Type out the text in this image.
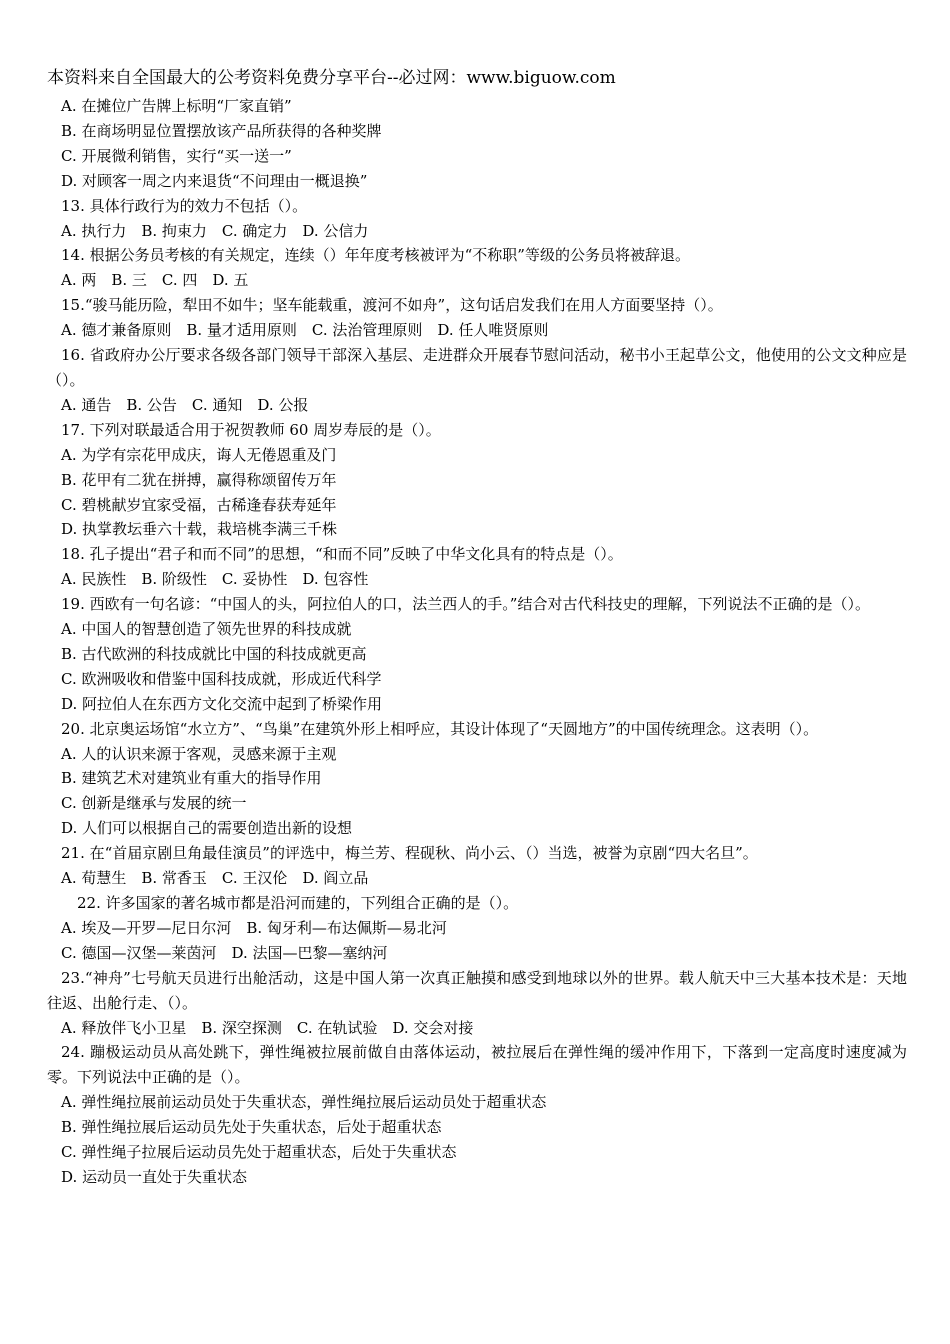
本资料来自全国最大的公考资料免费分享平台--必过网：www.biguow.com
A. 在摊位广告牌上标明“厂家直销”
B. 在商场明显位置摆放该产品所获得的各种奖牌
C. 开展微利销售，实行“买一送一”
D. 对顾客一周之内来退货“不问理由一概退换”
13. 具体行政行为的效力不包括（）。
A. 执行力　B. 拘束力　C. 确定力　D. 公信力
14. 根据公务员考核的有关规定，连续（）年年度考核被评为“不称职”等级的公务员将被辞退。
A. 两　B. 三　C. 四　D. 五
15.“骏马能历险，犁田不如牛；坚车能载重，渡河不如舟”，这句话启发我们在用人方面要坚持（）。
A. 德才兼备原则　B. 量才适用原则　C. 法治管理原则　D. 任人唯贤原则
16. 省政府办公厅要求各级各部门领导干部深入基层、走进群众开展春节慰问活动，秘书小王起草公文，他使用的公文文种应是（）。
A. 通告　B. 公告　C. 通知　D. 公报
17. 下列对联最适合用于祝贺教师 60 周岁寿辰的是（）。
A. 为学有宗花甲成庆，诲人无倦恩重及门
B. 花甲有二犹在拼搏，赢得称颂留传万年
C. 碧桃献岁宜家受福，古稀逢春获寿延年
D. 执掌教坛垂六十载，栽培桃李满三千株
18. 孔子提出“君子和而不同”的思想，“和而不同”反映了中华文化具有的特点是（）。
A. 民族性　B. 阶级性　C. 妥协性　D. 包容性
19. 西欧有一句名谚：“中国人的头，阿拉伯人的口，法兰西人的手。”结合对古代科技史的理解，下列说法不正确的是（）。
A. 中国人的智慧创造了领先世界的科技成就
B. 古代欧洲的科技成就比中国的科技成就更高
C. 欧洲吸收和借鉴中国科技成就，形成近代科学
D. 阿拉伯人在东西方文化交流中起到了桥梁作用
20. 北京奥运场馆“水立方”、“鸟巢”在建筑外形上相呼应，其设计体现了“天圆地方”的中国传统理念。这表明（）。
A. 人的认识来源于客观，灵感来源于主观
B. 建筑艺术对建筑业有重大的指导作用
C. 创新是继承与发展的统一
D. 人们可以根据自己的需要创造出新的设想
21. 在“首届京剧旦角最佳演员”的评选中，梅兰芳、程砚秋、尚小云、（）当选，被誉为京剧“四大名旦”。
A. 荀慧生　B. 常香玉　C. 王汉伦　D. 阎立品
22. 许多国家的著名城市都是沿河而建的，下列组合正确的是（）。
A. 埃及—开罗—尼日尔河　B. 匈牙利—布达佩斯—易北河
C. 德国—汉堡—莱茵河　D. 法国—巴黎—塞纳河
23.“神舟”七号航天员进行出舱活动，这是中国人第一次真正触摸和感受到地球以外的世界。载人航天中三大基本技术是：天地往返、出舱行走、（）。
A. 释放伴飞小卫星　B. 深空探测　C. 在轨试验　D. 交会对接
24. 蹦极运动员从高处跳下，弹性绳被拉展前做自由落体运动，被拉展后在弹性绳的缓冲作用下，下落到一定高度时速度减为零。下列说法中正确的是（）。
A. 弹性绳拉展前运动员处于失重状态，弹性绳拉展后运动员处于超重状态
B. 弹性绳拉展后运动员先处于失重状态，后处于超重状态
C. 弹性绳子拉展后运动员先处于超重状态，后处于失重状态
D. 运动员一直处于失重状态
